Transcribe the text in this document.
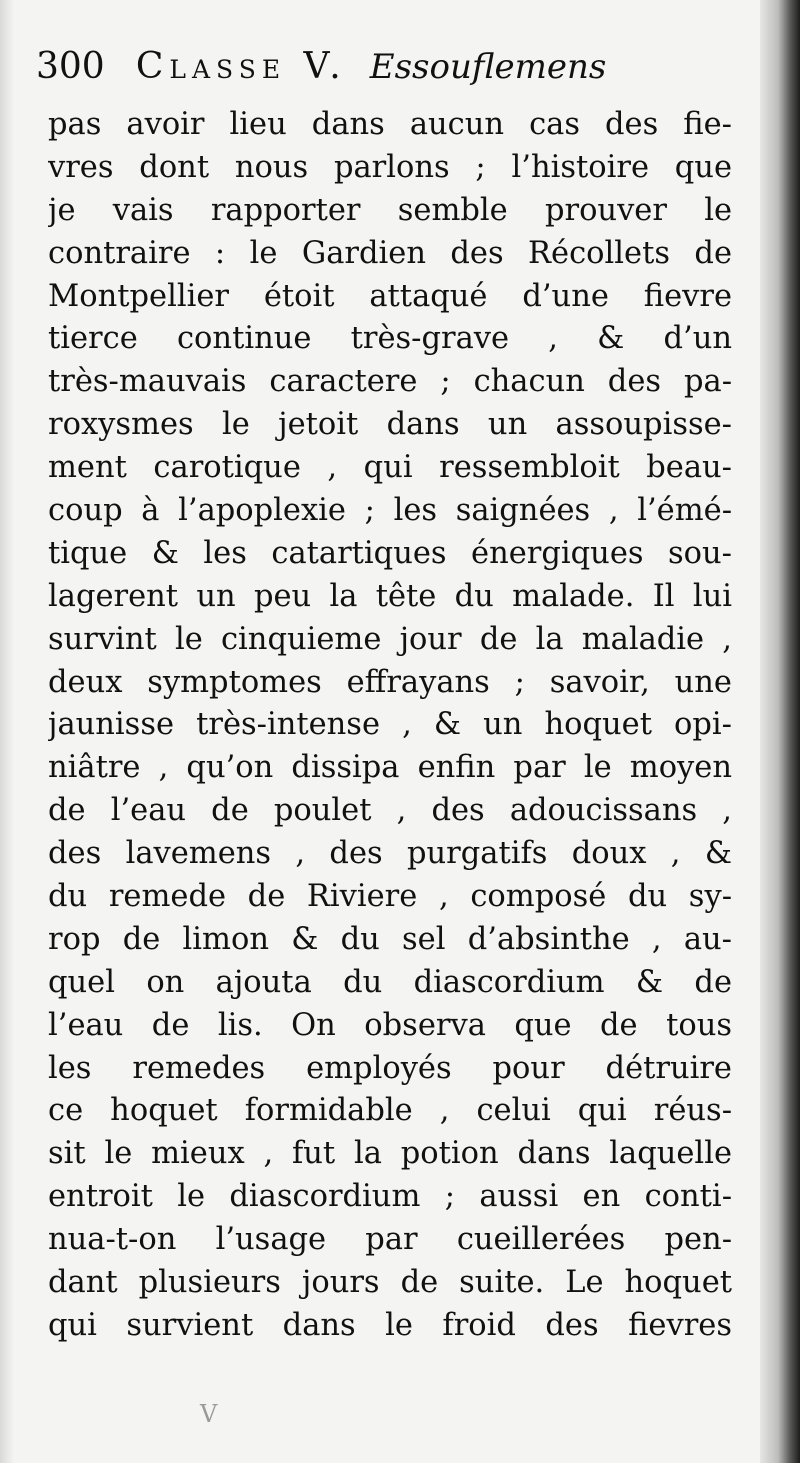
300 Classe V. Essouflemens
pas avoir lieu dans aucun cas des fie-
vres dont nous parlons ; l’histoire que
je vais rapporter semble prouver le
contraire : le Gardien des Récollets de
Montpellier étoit attaqué d’une fievre
tierce continue très-grave , & d’un
très-mauvais caractere ; chacun des pa-
roxysmes le jetoit dans un assoupisse-
ment carotique , qui ressembloit beau-
coup à l’apoplexie ; les saignées , l’émé-
tique & les catartiques énergiques sou-
lagerent un peu la tête du malade. Il lui
survint le cinquieme jour de la maladie ,
deux symptomes effrayans ; savoir, une
jaunisse très-intense , & un hoquet opi-
niâtre , qu’on dissipa enfin par le moyen
de l’eau de poulet , des adoucissans ,
des lavemens , des purgatifs doux , &
du remede de Riviere , composé du sy-
rop de limon & du sel d’absinthe , au-
quel on ajouta du diascordium & de
l’eau de lis. On observa que de tous
les remedes employés pour détruire
ce hoquet formidable , celui qui réus-
sit le mieux , fut la potion dans laquelle
entroit le diascordium ; aussi en conti-
nua-t-on l’usage par cueillerées pen-
dant plusieurs jours de suite. Le hoquet
qui survient dans le froid des fievres
V
